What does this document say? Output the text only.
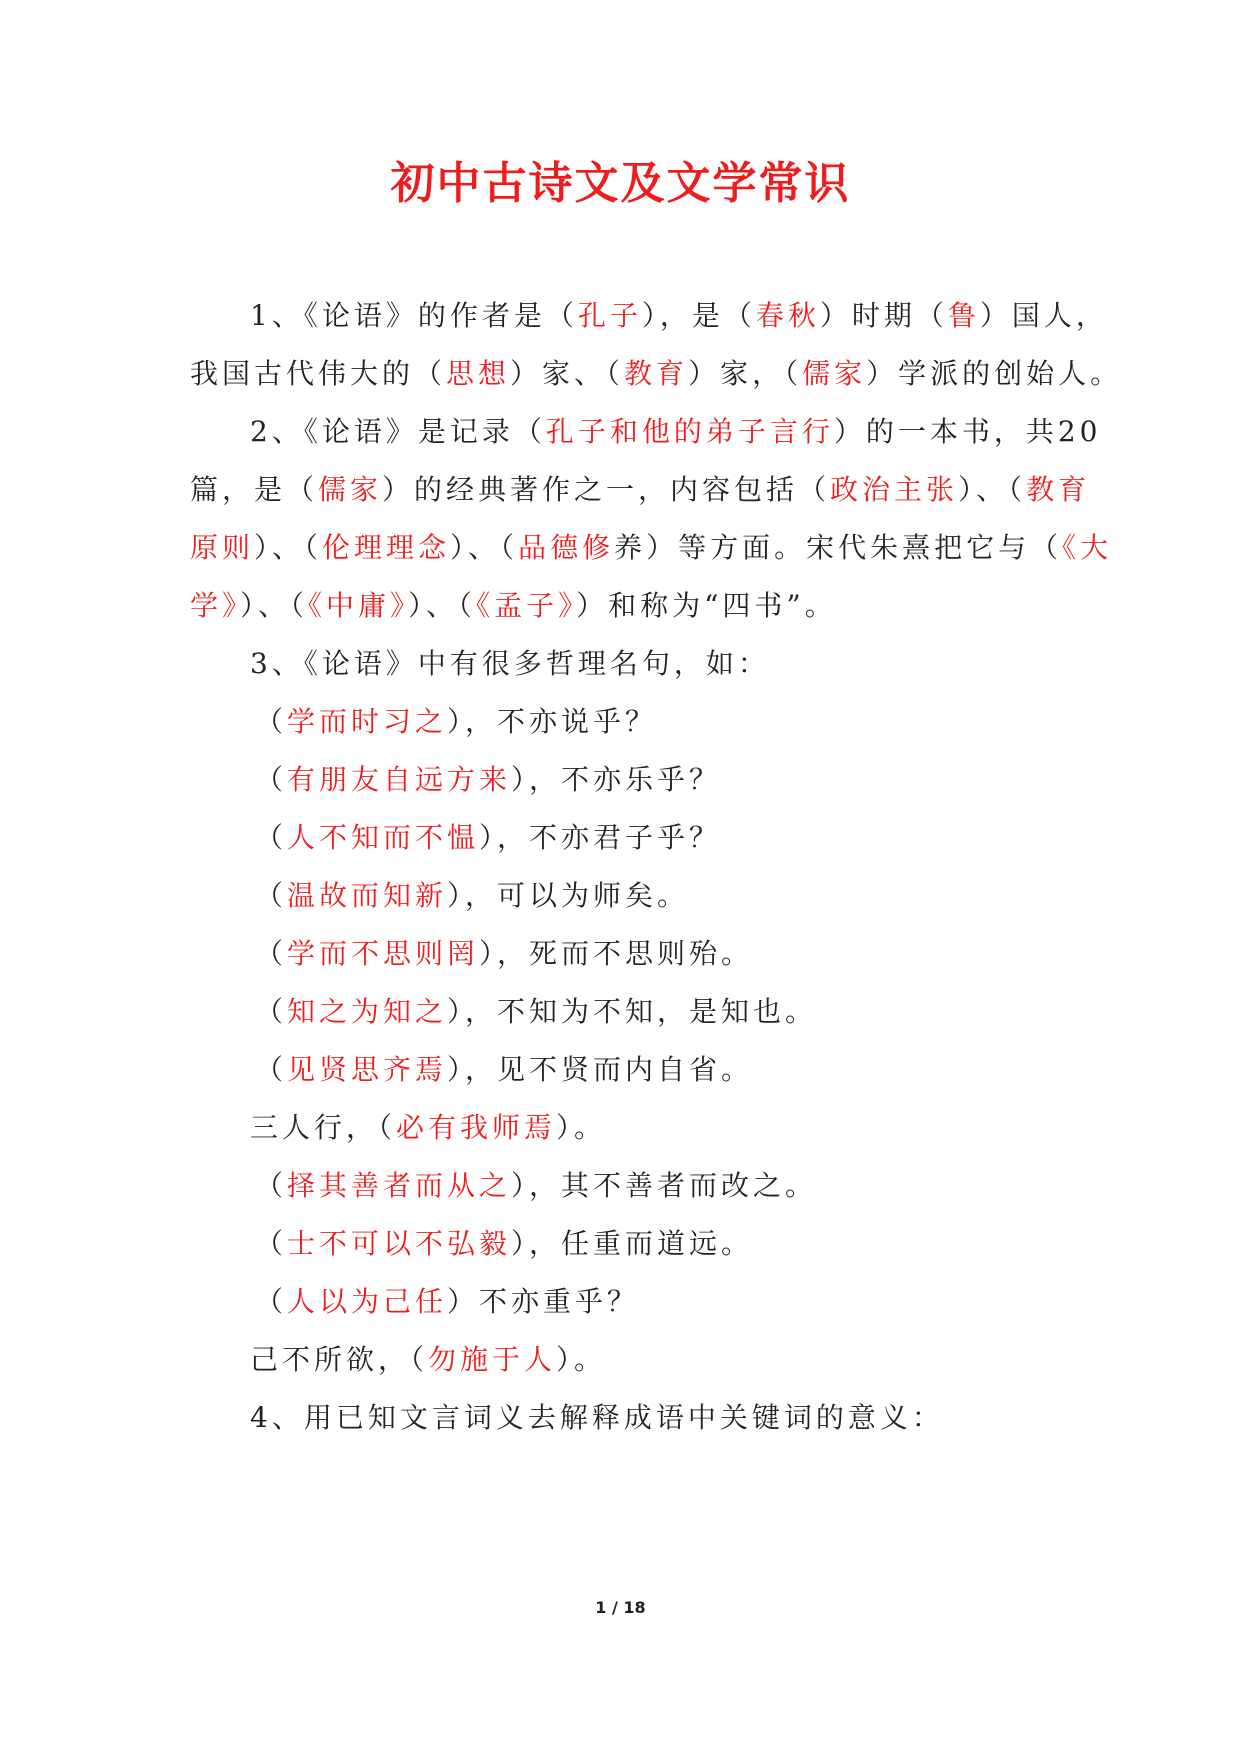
初中古诗文及文学常识
1、《论语》的作者是（孔子），是（春秋）时期（鲁）国人，
我国古代伟大的（思想）家、（教育）家，（儒家）学派的创始人。
2、《论语》是记录（孔子和他的弟子言行）的一本书，共20
篇，是（儒家）的经典著作之一，内容包括（政治主张）、（教育
原则）、（伦理理念）、（品德修养）等方面。宋代朱熹把它与（《大
学》）、（《中庸》）、（《孟子》）和称为“四书”。
3、《论语》中有很多哲理名句，如：
（学而时习之），不亦说乎？
（有朋友自远方来），不亦乐乎？
（人不知而不愠），不亦君子乎？
（温故而知新），可以为师矣。
（学而不思则罔），死而不思则殆。
（知之为知之），不知为不知，是知也。
（见贤思齐焉），见不贤而内自省。
三人行，（必有我师焉）。
（择其善者而从之），其不善者而改之。
（士不可以不弘毅），任重而道远。
（人以为己任）不亦重乎？
己不所欲，（勿施于人）。
4、用已知文言词义去解释成语中关键词的意义：
1 / 18
